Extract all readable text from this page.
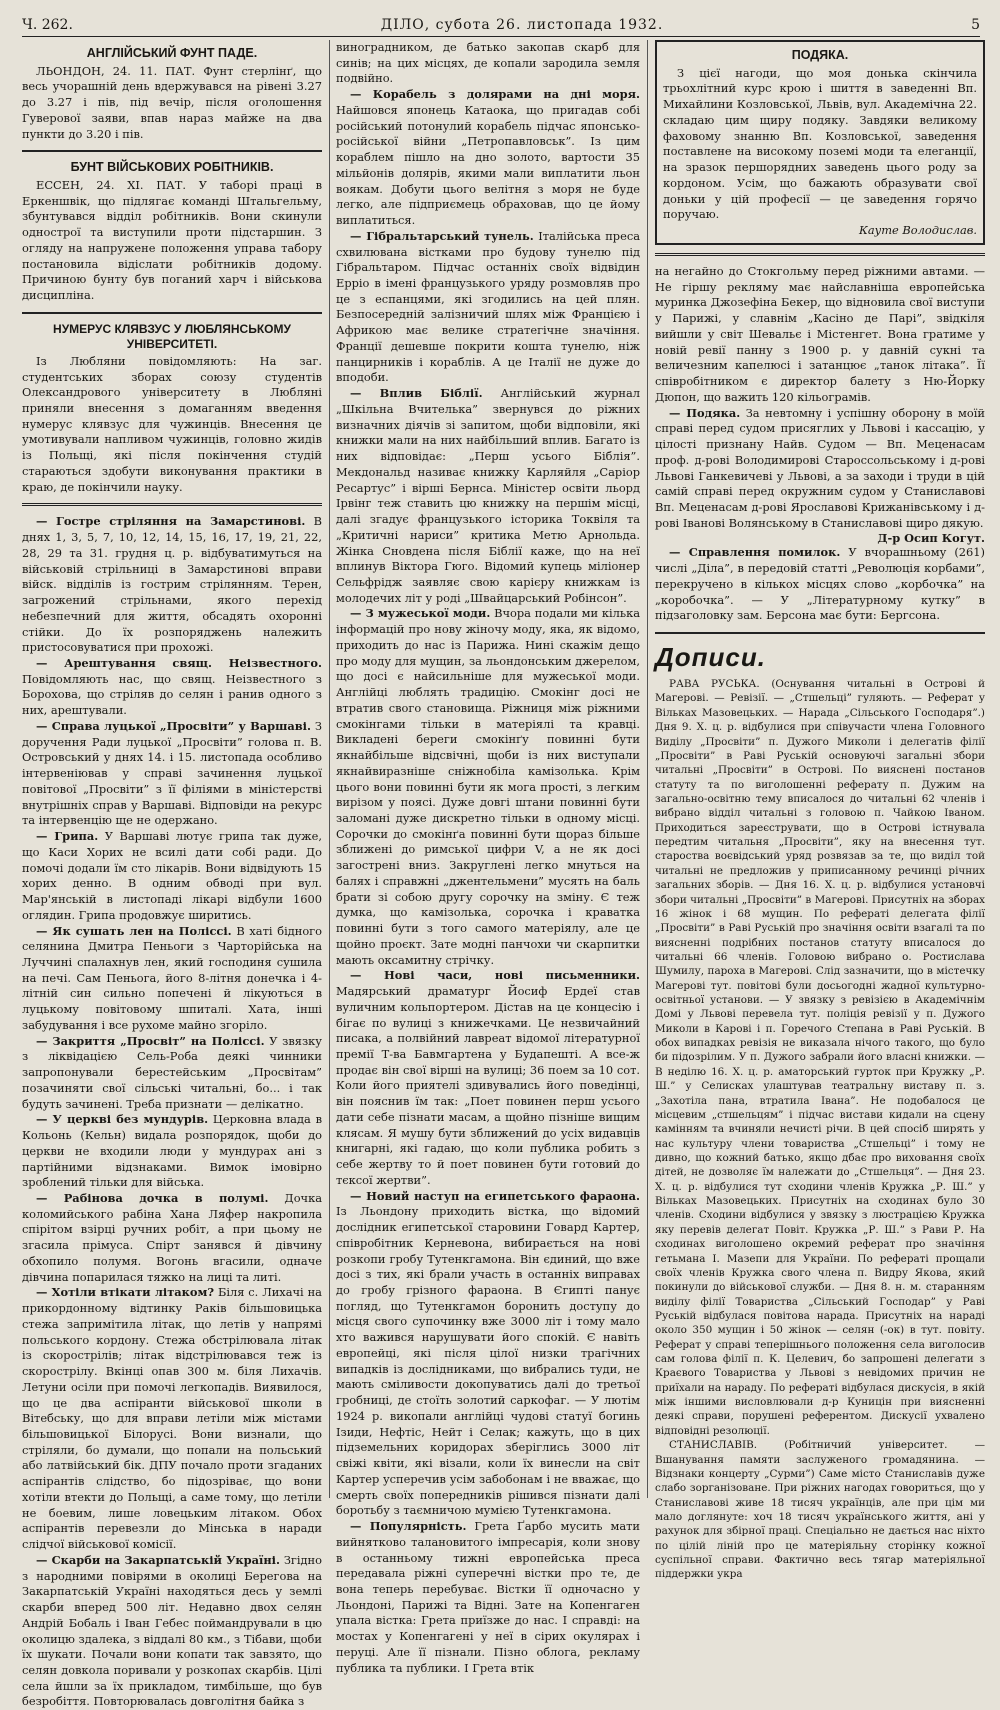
Ч. 262.	ДІЛО, субота 26. листопада 1932.	5
АНГЛІЙСЬКИЙ ФУНТ ПАДЕ.

ЛЬОНДОН, 24. 11. ПАТ. Фунт стерлінґ, що весь учорашній день вдержувався на рівені 3.27 до 3.27 і пів, під вечір, після оголошення Гуверової заяви, впав нараз майже на два пункти до 3.20 і пів.

БУНТ ВІЙСЬКОВИХ РОБІТНИКІВ.

ЕССЕН, 24. XI. ПАТ. У таборі праці в Еркеншвік, що підлягає команді Штальгельму, збунтувався відділ робітників. Вони скинули однострої та виступили проти підстаршин. З огляду на напружене положення управа табору постановила відіслати робітників додому. Причиною бунту був поганий харч і військова дисципліна.

НУМЕРУС КЛЯВЗУС У ЛЮБЛЯНСЬКОМУ УНІВЕРСИТЕТІ.

Із Любляни повідомляють: На заг. студентських зборах союзу студентів Олександрового університету в Любляні приняли внесення з домаганням введення нумерус клявзус для чужинців. Внесення це умотивували напливом чужинців, головно жидів із Польщі, які після покінчення студій стараються здобути виконування практики в краю, де покінчили науку.

— Гостре стріляння на Замарстинові. В днях 1, 3, 5, 7, 10, 12, 14, 15, 16, 17, 19, 21, 22, 28, 29 та 31. грудня ц. р. відбуватимуться на військовій стрільниці в Замарстинові вправи війск. відділів із гострим стрілянням. Терен, загрожений стрільнами, якого перехід небезпечний для життя, обсадять охоронні стійки. До їх розпоряджень належить пристосовуватися при прохожі.

— Арештування свящ. Неізвестного. Повідомляють нас, що свящ. Неізвестного з Борохова, що стріляв до селян і ранив одного з них, арештували.

— Справа луцької „Просвіти” у Варшаві. З доручення Ради луцької „Просвіти” голова п. В. Островський у днях 14. і 15. листопада особливо інтервеніював у справі зачинення луцької повітової „Просвіти” з її філіями в міністерстві внутрішніх справ у Варшаві. Відповіди на рекурс та інтервенцію ще не одержано.

— Грипа. У Варшаві лютує грипа так дуже, що Каси Хорих не всилі дати собі ради. До помочі додали їм сто лікарів. Вони відвідують 15 хорих денно. В одним обводі при вул. Мар'янській в листопаді лікарі відбули 1600 оглядин. Грипа продовжує ширитись.

— Як сушать лен на Поліссі. В хаті бідного селянина Дмитра Пеньоги з Чарторійська на Луччині спалахнув лен, який господиня сушила на печі. Сам Пеньога, його 8-літня донечка і 4-літній син сильно попечені й лікуються в луцькому повітовому шпиталі. Хата, інші забудування і все рухоме майно згоріло.

— Закриття „Просвіт” на Поліссі. У звязку з ліквідацією Сель-Роба деякі чинники запропонували берестейським „Просвітам” позачиняти свої сільські читальні, бо... і так будуть зачинені. Треба признати — делікатно.

— У церкві без мундурів. Церковна влада в Кольонь (Кельн) видала розпорядок, щоби до церкви не входили люди у мундурах ані з партійними відзнаками. Вимок імовірно зроблений тільки для війська.

— Рабінова дочка в полумі. Дочка коломийського рабіна Хана Ляфер накропила спірітом взірці ручних робіт, а при цьому не згасила прімуса. Спірт занявся й дівчину обхопило полумя. Вогонь вгасили, одначе дівчина попарилася тяжко на лиці та литі.

— Хотіли втікати літаком? Біля с. Лихачі на прикордонному відтинку Раків більшовицька стежа запримітила літак, що летів у напрямі польського кордону. Стежа обстрілювала літак із скорострілів; літак відстрілювався теж із скорострілу. Вкінці опав 300 м. біля Лихачів. Летуни осіли при помочі легкопадів. Виявилося, що це два аспіранти військової школи в Вітебську, що для вправи летіли між містами більшовицької Білорусі. Вони визнали, що стріляли, бо думали, що попали на польський або латвійський бік. ДПУ почало проти згаданих аспірантів слідство, бо підозріває, що вони хотіли втекти до Польщі, а саме тому, що летіли не боевим, лише ловецьким літаком. Обох аспірантів перевезли до Мінська в наради слідчої військової комісії.

— Скарби на Закарпатській Україні. Згідно з народними повірями в околиці Берегова на Закарпатській Україні находяться десь у землі скарби вперед 500 літ. Недавно двох селян Андрій Бобаль і Іван Гебес поймандрували в цю околицю здалека, з віддалі 80 км., з Тібави, щоби їх шукати. Почали вони копати так завзято, що селян довкола поривали у розкопах скарбів. Цілі села йшли за їх прикладом, тимбільше, що був безробіття. Повторювалась довголітня байка з

виноградником, де батько закопав скарб для синів; на цих місцях, де копали зародила земля подвійно.

— Корабель з долярами на дні моря. Найшовся японець Катаока, що пригадав собі російський потонулий корабель підчас японсько-російської війни „Петропавловськ”. Із цим кораблем пішло на дно золото, вартости 35 мільйонів долярів, якими мали виплатити льон воякам. Добути цього велітня з моря не буде легко, але підприємець обраховав, що це йому виплатиться.

— Гібральтарський тунель. Італійська преса схвилювана вістками про будову тунелю під Гібральтаром. Підчас останніх своїх відвідин Ерріо в імені французького уряду розмовляв про це з еспанцями, які згодились на цей плян. Безпосередній залізничий шлях між Францією і Африкою має велике стратегічне значіння. Франції дешевше покрити кошта тунелю, ніж панцирників і кораблів. А це Італії не дуже до вподоби.

— Вплив Біблії. Англійський журнал „Шкільна Вчителька” звернувся до ріжних визначних діячів зі запитом, щоби відповіли, які книжки мали на них найбільший вплив. Багато із них відповідає: „Перш усього Біблія”. Мекдональд називає книжку Карляйля „Саріор Ресартус” і вірші Бернса. Міністер освіти льорд Ірвінг теж ставить цю книжку на першім місці, далі згадує французького історика Токвіля та „Критичні нариси” критика Метю Арнольда. Жінка Сновдена після Біблії каже, що на неї вплинув Віктора Гюго. Відомий купець міліонер Сельфрідж заявляє свою карієру книжкам із молодечих літ у роді „Швайцарський Робінсон”.

— З мужеської моди. Вчора подали ми кілька інформацій про нову жіночу моду, яка, як відомо, приходить до нас із Парижа. Нині скажім дещо про моду для мущин, за льондонським джерелом, що досі є найсильніше для мужеської моди. Англійці люблять традицію. Смокінг досі не втратив свого становища. Ріжниця між ріжними смокінгами тільки в матеріялі та кравці. Викладені береги смокінґу повинні бути якнайбільше відсвічні, щоби із них виступали якнайвиразніше сніжнобіла камізолька. Крім цього вони повинні бути як мога прості, з легким вирізом у поясі. Дуже довгі штани повинні бути заломані дуже дискретно тільки в одному місці. Сорочки до смокінґа повинні бути щораз більше зближені до римської цифри V, а не як досі загострені вниз. Закруглені легко мнуться на балях і справжні „джентельмени” мусять на баль брати зі собою другу сорочку на зміну. Є теж думка, що камізолька, сорочка і краватка повинні бути з того самого матеріялу, але це щойно проєкт. Зате модні панчохи чи скарпитки мають оксамитну стрічку.

— Нові часи, нові письменники. Мадярський драматург Йосиф Ердеї став вуличним кольпортером. Дістав на це концесію і бігає по вулиці з книжечками. Це незвичайний писака, а полвійний лавреат відомої літературної премії Т-ва Бавмгартена у Будапешті. А все-ж продає він свої вірші на вулиці; 36 поем за 10 сот. Коли його приятелі здивувались його поведінці, він пояснив їм так: „Поет повинен перш усього дати себе пізнати масам, а щойно пізніше вищим клясам. Я мушу бути зближений до усіх видавців книгарні, які гадаю, що коли публика робить з себе жертву то й поет повинен бути готовий до тєксої жертви”.

— Новий наступ на египетського фараона. Із Льондону приходить вістка, що відомий дослідник египетської старовини Говард Картер, співробітник Керневона, вибирається на нові розкопи гробу Тутенкгамона. Він єдиний, що вже досі з тих, які брали участь в останніх виправах до гробу грізного фараона. В Єгипті панує погляд, що Тутенкгамон боронить доступу до місця свого супочинку вже 3000 літ і тому мало хто важився нарушувати його спокій. Є навіть европейці, які після цілої низки трагічних випадків із дослідниками, що вибрались туди, не мають сміливости докопуватись далі до третьої гробниці, де стоїть золотий саркофаг. — У лютім 1924 р. викопали англійці чудові статуї богинь Ізиди, Нефтіс, Нейт і Селак; кажуть, що в цих підземельних коридорах зберіглись 3000 літ свіжі квіти, які візали, коли їх винесли на світ Картер усперечив усім забобонам і не вважає, що смерть своїх попередників рішився пізнати далі боротьбу з таємничою мумією Тутенкгамона.

— Популярність. Грета Ґарбо мусить мати вийнятково талановитого імпресарія, коли знову в останньому тижні европейська преса передавала ріжні суперечні вістки про те, де вона теперь перебуває. Вістки її одночасно у Льондоні, Парижі та Відні. Зате на Копенгаген упала вістка: Грета приїзже до нас. І справді: на мостах у Копенгагені у неї в сірих окулярах і перуці. Але її пізнали. Пізно облога, рекламу публика та публики. І Грета втік

ПОДЯКА.

З цієї нагоди, що моя донька скінчила трьохлітний курс крою і шиття в заведенні Вп. Михайлини Козловської, Львів, вул. Академічна 22. складаю цим щиру подяку. Завдяки великому фаховому знанню Вп. Козловської, заведення поставлене на високому поземі моди та елеганції, на зразок першорядних заведень цього роду за кордоном. Усім, що бажають образувати свої доньки у цій професії — це заведення горячо поручаю.

Кауте Володислав.

на негайно до Стокгольму перед ріжними автами. — Не гіршу рекляму має найславніша европейська муринка Джозефіна Бекер, що відновила свої виступи у Парижі, у славнім „Касіно де Парі”, звідкіля вийшли у світ Шевальє і Містенгет. Вона гратиме у новій ревії панну з 1900 р. у давній сукні та величезним капелюсі і затанцює „танок літака”. Її співробітником є директор балету з Ню-Йорку Дюпон, що важить 120 кільограмів.

— Подяка. За невтомну і успішну оборону в моїй справі перед судом присяглих у Львові і кассацію, у цілості признану Найв. Судом — Вп. Меценасам проф. д-рові Володимирові Староссольському і д-рові Львові Ганкевичеві у Львові, а за заходи і труди в цій самій справі перед окружним судом у Станиславові Вп. Меценасам д-рові Ярославові Крижанівському і д-рові Іванові Волянському в Станиславові щиро дякую.

Д-р Осип Когут.

— Справлення помилок. У вчорашньому (261) числі „Діла”, в передовій статті „Революція корбами”, перекручено в кількох місцях слово „корбочка” на „коробочка”. — У „Літературному кутку” в підзаголовку зам. Берсона має бути: Бергсона.

Дописи.

РАВА РУСЬКА. (Оснування читальні в Острові й Магерові. — Ревізії. — „Стшельці” гуляють. — Реферат у Вільках Мазовецьких. — Нарада „Сільського Господаря”.) Дня 9. Х. ц. р. відбулися при співучасти члена Головного Виділу „Просвіти” п. Дужого Миколи і делегатів філії „Просвіти” в Раві Руській основуючі загальні збори читальні „Просвіти” в Острові. По вияснені постанов статуту та по виголошенні реферату п. Дужим на загально-освітню тему вписалося до читальні 62 членів і вибрано відділ читальні з головою п. Чайкою Іваном. Приходиться зареєструвати, що в Острові істнувала передтим читальня „Просвіти”, яку на внесення тут. староства воєвідський уряд розвязав за те, що виділ той читальні не предложив у приписанному речинці річних загальних зборів. — Дня 16. Х. ц. р. відбулися установчі збори читальні „Просвіти” в Магерові. Присутніх на зборах 16 жінок і 68 мущин. По рефераті делегата філії „Просвіти” в Раві Руській про значіння освіти взагалі та по виясненні подрібних постанов статуту вписалося до читальні 66 членів. Головою вибрано о. Ростислава Шумилу, пароха в Магерові. Слід зазначити, що в містечку Магерові тут. повітові були досьогодні жадної культурно-освітньої установи. — У звязку з ревізією в Академічнім Домі у Львові перевела тут. поліція ревізії у п. Дужого Миколи в Карові і п. Горечого Степана в Раві Руській. В обох випадках ревізія не виказала нічого такого, що було би підозрілим. У п. Дужого забрали його власні книжки. — В неділю 16. Х. ц. р. аматорський гурток при Кружку „Р. Ш.” у Селисках улаштував театральну виставу п. з. „Захотіла пана, втратила Івана”. Не подобалося це місцевим „стшельцям” і підчас вистави кидали на сцену камінням та вчиняли нечисті річи. В цей спосіб ширять у нас культуру члени товариства „Стшельці” і тому не дивно, що кожний батько, якщо дбає про виховання своїх дітей, не дозволяє їм належати до „Стшельця”. — Дня 23. Х. ц. р. відбулися тут сходини членів Кружка „Р. Ш.” у Вільках Мазовецьких. Присутніх на сходинах було 30 членів. Сходини відбулися у звязку з люстрацією Кружка яку перевів делегат Повіт. Кружка „Р. Ш.” з Рави Р. На сходинах виголошено окремий реферат про значіння гетьмана І. Мазепи для України. По рефераті прощали своїх членів Кружка свого члена п. Видру Якова, який покинули до військової служби. — Дня 8. н. м. старанням виділу філії Товариства „Сільський Господар” у Раві Руській відбулася повітова нарада. Присутніх на нараді около 350 мущин і 50 жінок — селян (-ок) в тут. повіту. Реферат у справі теперішнього положення села виголосив сам голова філії п. К. Целевич, бо запрошені делегати з Краєвого Товариства у Львові з невідомих причин не приїхали на нараду. По рефераті відбулася дискусія, в якій між іншими висловлювали д-р Куницін при виясненні деякі справи, порушені референтом. Дискусії ухвалено відповідні резолюції.

СТАНИСЛАВІВ. (Робітничий університет. — Вшанування памяти заслуженого громадянина. — Відзнаки концерту „Сурми”) Саме місто Станиславів дуже слабо зорганізоване. При ріжних нагодах говориться, що у Станиславові живе 18 тисяч українців, але при цім ми мало доглянуте: хоч 18 тисяч українського життя, ані у рахунок для збірної праці. Спеціально не дається нас ніхто по цілій ліній про це матеріяльну сторінку кожної суспільної справи. Фактично весь тягар матеріяльної піддержки укра
